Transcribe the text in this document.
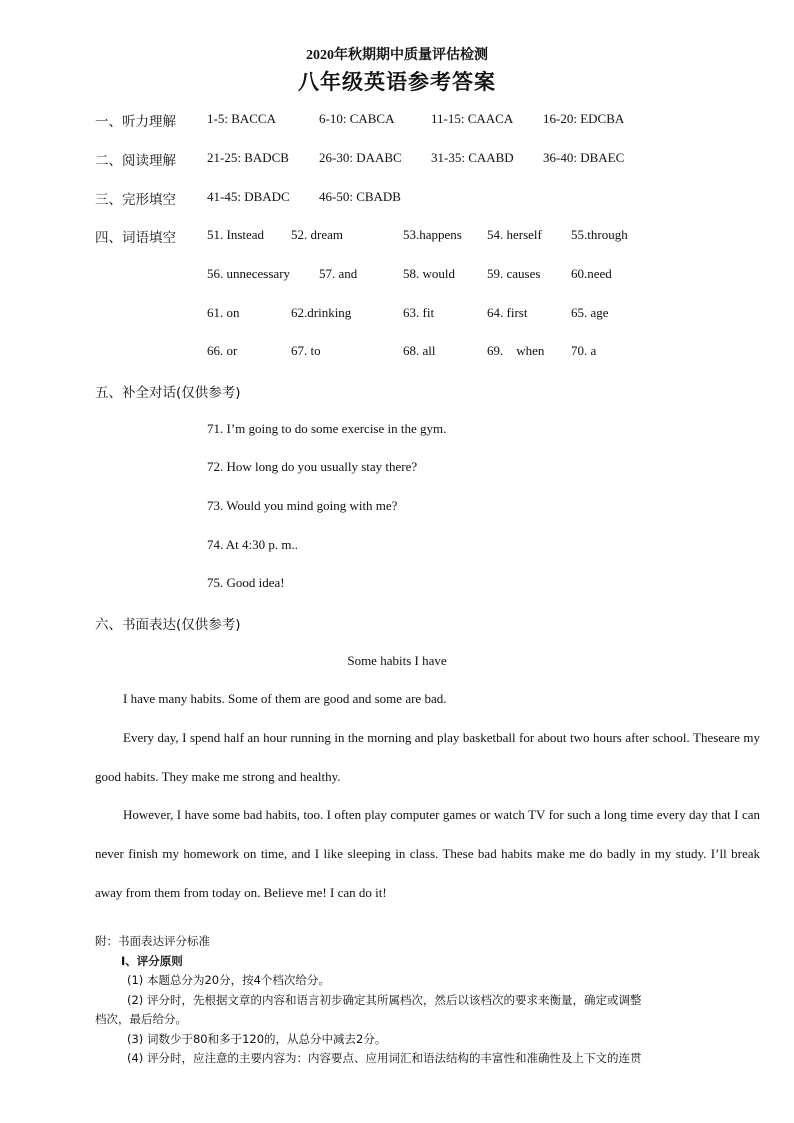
2020年秋期期中质量评估检测
八年级英语参考答案
一、听力理解 1-5: BACCA	6-10: CABCA	11-15: CAACA 16-20: EDCBA
二、阅读理解 21-25: BADCB 26-30: DAABC 31-35: CAABD 36-40: DBAEC
三、完形填空 41-45: DBADC 46-50: CBADB
四、词语填空 51. Instead 52. dream	53.happens 54. herself 55.through
56. unnecessary 57. and	58. would 59. causes 60.need
61. on	62.drinking	63. fit	64. first	65. age
66. or	67. to	68. all	69.    when 70. a
五、补全对话(仅供参考)
71. I’m going to do some exercise in the gym.
72. How long do you usually stay there?
73. Would you mind going with me?
74. At 4:30 p. m..
75. Good idea!
六、书面表达(仅供参考)
Some habits I have
I have many habits. Some of them are good and some are bad.
Every day, I spend half an hour running in the morning and play basketball for about two hours after school. Theseare my good habits. They make me strong and healthy.
However, I have some bad habits, too. I often play computer games or watch TV for such a long time every day that I can never finish my homework on time, and I like sleeping in class. These bad habits make me do badly in my study. I’ll break away from them from today on. Believe me! I can do it!
附：书面表达评分标准
I、评分原则
(1) 本题总分为20分，按4个档次给分。
(2) 评分时，先根据文章的内容和语言初步确定其所属档次，然后以该档次的要求来衡量，确定或调整
档次，最后给分。
(3) 词数少于80和多于120的，从总分中减去2分。
(4) 评分时，应注意的主要内容为：内容要点、应用词汇和语法结构的丰富性和准确性及上下文的连贯
